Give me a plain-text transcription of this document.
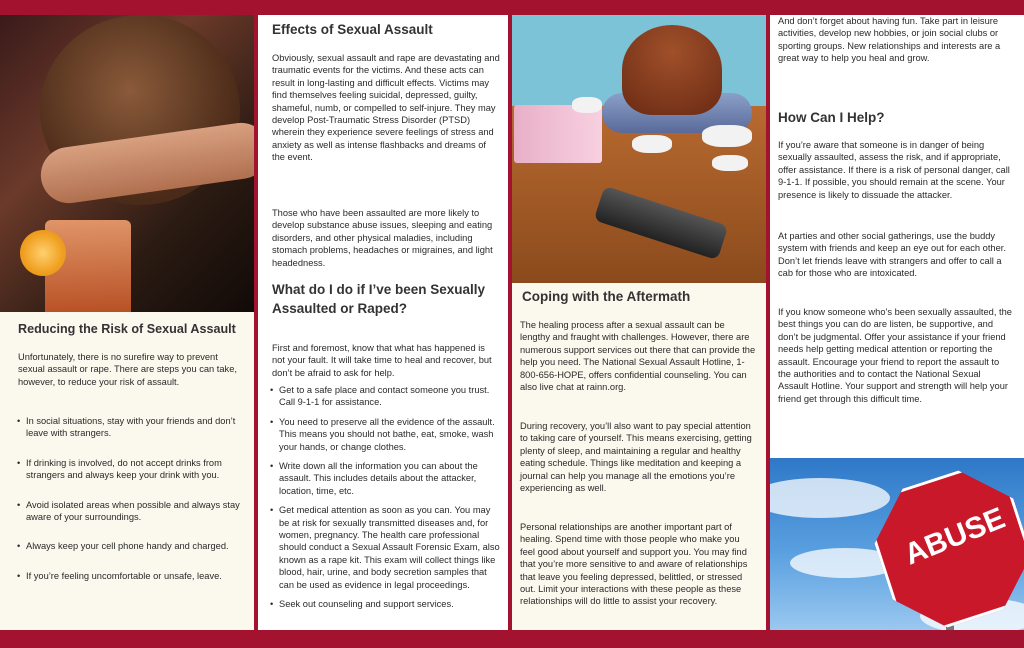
Reducing the Risk of Sexual Assault

Unfortunately, there is no surefire way to prevent sexual assault or rape. There are steps you can take, however, to reduce your risk of assault.

• In social situations, stay with your friends and don’t leave with strangers.
• If drinking is involved, do not accept drinks from strangers and always keep your drink with you.
• Avoid isolated areas when possible and always stay aware of your surroundings.
• Always keep your cell phone handy and charged.
• If you’re feeling uncomfortable or unsafe, leave.
Effects of Sexual Assault

Obviously, sexual assault and rape are devastating and traumatic events for the victims. And these acts can result in long-lasting and difficult effects. Victims may find themselves feeling suicidal, depressed, guilty, shameful, numb, or compelled to self-injure. They may develop Post-Traumatic Stress Disorder (PTSD) wherein they experience severe feelings of stress and anxiety as well as intense flashbacks and dreams of the event.

Those who have been assaulted are more likely to develop substance abuse issues, sleeping and eating disorders, and other physical maladies, including stomach problems, headaches or migraines, and light headedness.

What do I do if I’ve been Sexually Assaulted or Raped?

First and foremost, know that what has happened is not your fault. It will take time to heal and recover, but don’t be afraid to ask for help.

• Get to a safe place and contact someone you trust. Call 9-1-1 for assistance.
• You need to preserve all the evidence of the assault. This means you should not bathe, eat, smoke, wash your hands, or change clothes.
• Write down all the information you can about the assault. This includes details about the attacker, location, time, etc.
• Get medical attention as soon as you can. You may be at risk for sexually transmitted diseases and, for women, pregnancy. The health care professional should conduct a Sexual Assault Forensic Exam, also known as a rape kit. This exam will collect things like blood, hair, urine, and body secretion samples that can be used as evidence in legal proceedings.
• Seek out counseling and support services.
Coping with the Aftermath

The healing process after a sexual assault can be lengthy and fraught with challenges. However, there are numerous support services out there that can provide the help you need. The National Sexual Assault Hotline, 1-800-656-HOPE, offers confidential counseling. You can also live chat at rainn.org.

During recovery, you’ll also want to pay special attention to taking care of yourself. This means exercising, getting plenty of sleep, and maintaining a regular and healthy eating schedule. Things like meditation and keeping a journal can help you manage all the emotions you’re experiencing as well.

Personal relationships are another important part of healing. Spend time with those people who make you feel good about yourself and support you. You may find that you’re more sensitive to and aware of relationships that leave you feeling depressed, belittled, or stressed out. Limit your interactions with these people as these relationships will do little to assist your recovery.

And don’t forget about having fun. Take part in leisure activities, develop new hobbies, or join social clubs or sporting groups. New relationships and interests are a great way to help you heal and grow.

How Can I Help?

If you’re aware that someone is in danger of being sexually assaulted, assess the risk, and if appropriate, offer assistance. If there is a risk of personal danger, call 9-1-1. If possible, you should remain at the scene. Your presence is likely to dissuade the attacker.

At parties and other social gatherings, use the buddy system with friends and keep an eye out for each other. Don’t let friends leave with strangers and offer to call a cab for those who are intoxicated.

If you know someone who’s been sexually assaulted, the best things you can do are listen, be supportive, and don’t be judgmental. Offer your assistance if your friend needs help getting medical attention or reporting the assault. Encourage your friend to report the assault to the authorities and to contact the National Sexual Assault Hotline. Your support and strength will help your friend get through this difficult time.

ABUSE
